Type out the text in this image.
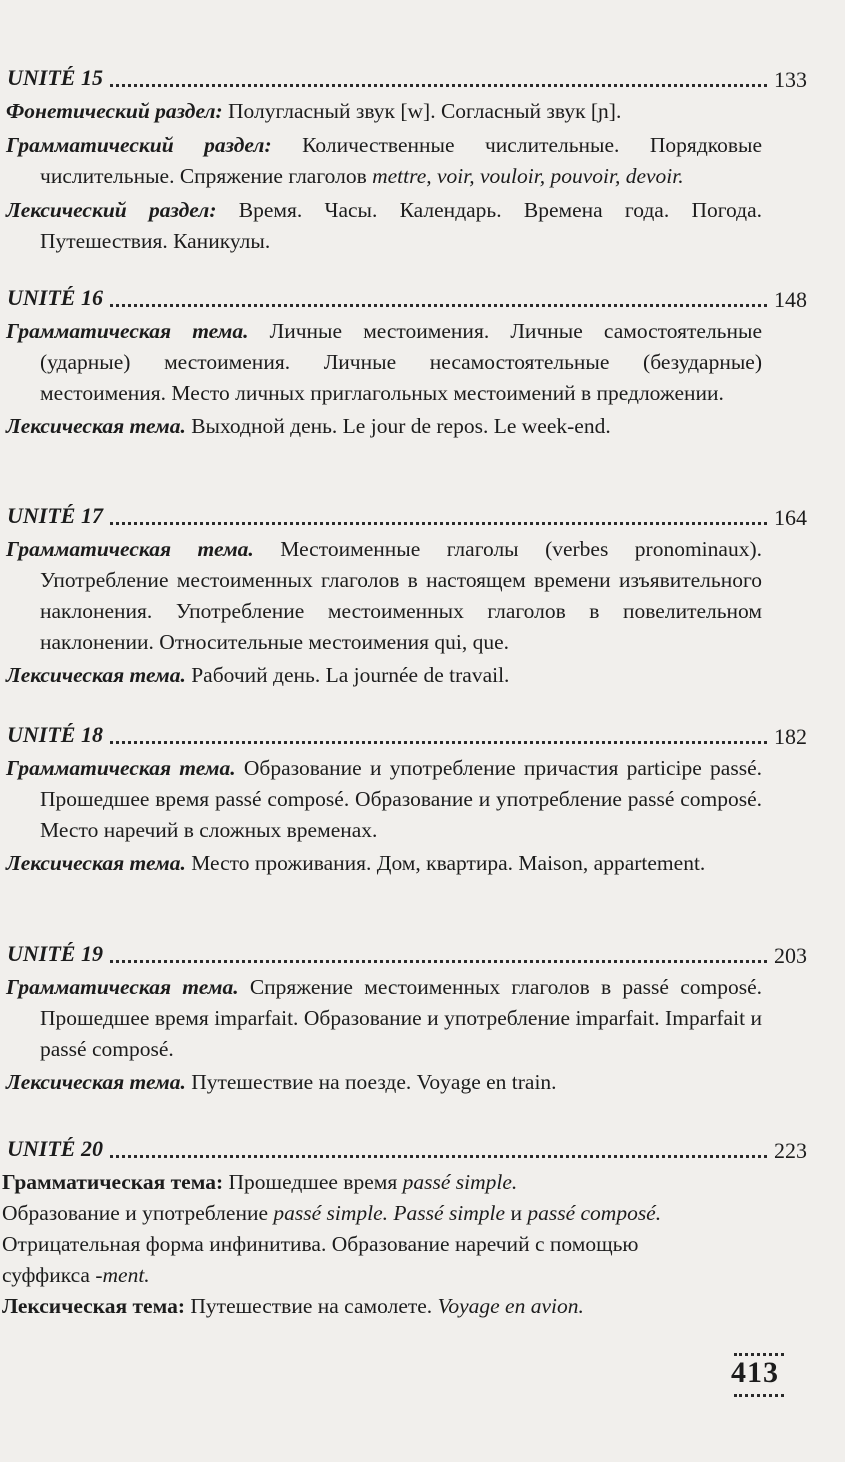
UNITÉ 15	133

Фонетический раздел: Полугласный звук [w]. Согласный звук [ɲ].

Грамматический раздел: Количественные числительные. Порядковые числительные. Спряжение глаголов mettre, voir, vouloir, pouvoir, devoir.

Лексический раздел: Время. Часы. Календарь. Времена года. Погода. Путешествия. Каникулы.

UNITÉ 16	148

Грамматическая тема. Личные местоимения. Личные самостоятельные (ударные) местоимения. Личные несамостоятельные (безударные) местоимения. Место личных приглагольных местоимений в предложении.

Лексическая тема. Выходной день. Le jour de repos. Le week-end.

UNITÉ 17	164

Грамматическая тема. Местоименные глаголы (verbes pronominaux). Употребление местоименных глаголов в настоящем времени изъявительного наклонения. Употребление местоименных глаголов в повелительном наклонении. Относительные местоимения qui, que.

Лексическая тема. Рабочий день. La journée de travail.

UNITÉ 18	182

Грамматическая тема. Образование и употребление причастия participe passé. Прошедшее время passé composé. Образование и употребление passé composé. Место наречий в сложных временах.

Лексическая тема. Место проживания. Дом, квартира. Maison, appartement.

UNITÉ 19	203

Грамматическая тема. Спряжение местоименных глаголов в passé composé. Прошедшее время imparfait. Образование и употребление imparfait. Imparfait и passé composé.

Лексическая тема. Путешествие на поезде. Voyage en train.

UNITÉ 20	223
Грамматическая тема: Прошедшее время passé simple.
Образование и употребление passé simple. Passé simple и passé composé.
Отрицательная форма инфинитива. Образование наречий с помощью
суффикса -ment.
Лексическая тема: Путешествие на самолете. Voyage en avion.
413
